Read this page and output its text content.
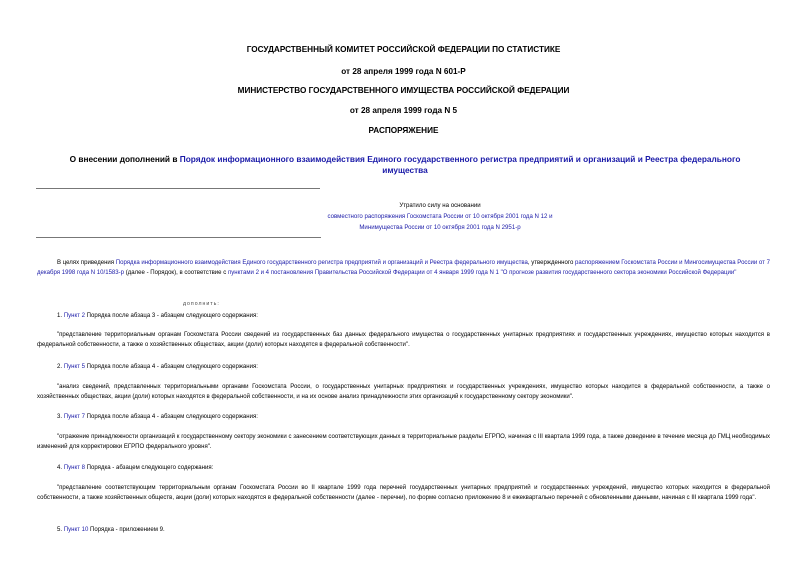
ГОСУДАРСТВЕННЫЙ КОМИТЕТ РОССИЙСКОЙ ФЕДЕРАЦИИ ПО СТАТИСТИКЕ
от 28 апреля 1999 года N 601-Р
МИНИСТЕРСТВО ГОСУДАРСТВЕННОГО ИМУЩЕСТВА РОССИЙСКОЙ ФЕДЕРАЦИИ
от 28 апреля 1999 года N 5
РАСПОРЯЖЕНИЕ
О внесении дополнений в Порядок информационного взаимодействия Единого государственного регистра предприятий и организаций и Реестра федерального
имущества
Утратило силу на основании
совместного распоряжения Госкомстата России от 10 октября 2001 года N 12 и
Минимущества России от 10 октября 2001 года N 2951-р
В целях приведения Порядка информационного взаимодействия Единого государственного регистра предприятий и организаций и Реестра федерального имущества, утвержденного распоряжением Госкомстата России и Мингосимущества России от 7 декабря 1998 года N 10/1583-р (далее - Порядок), в соответствие с пунктами 2 и 4 постановления Правительства Российской Федерации от 4 января 1999 года N 1 "О прогнозе развития государственного сектора экономики Российской Федерации"
дополнить:
1. Пункт 2 Порядка после абзаца 3 - абзацем следующего содержания:
"представление территориальным органам Госкомстата России сведений из государственных баз данных федерального имущества о государственных унитарных предприятиях и государственных учреждениях, имущество которых находится в федеральной собственности, а также о хозяйственных обществах, акции (доли) которых находятся в федеральной собственности".
2. Пункт 5 Порядка после абзаца 4 - абзацем следующего содержания:
"анализ сведений, представленных территориальными органами Госкомстата России, о государственных унитарных предприятиях и государственных учреждениях, имущество которых находится в федеральной собственности, а также о хозяйственных обществах, акции (доли) которых находятся в федеральной собственности, и на их основе анализ принадлежности этих организаций к государственному сектору экономики".
3. Пункт 7 Порядка после абзаца 4 - абзацем следующего содержания:
"отражение принадлежности организаций к государственному сектору экономики с занесением соответствующих данных в территориальные разделы ЕГРПО, начиная с III квартала 1999 года, а также доведение в течение месяца до ГМЦ необходимых изменений для корректировки ЕГРПО федерального уровня".
4. Пункт 8 Порядка - абзацем следующего содержания:
"представление соответствующим территориальным органам Госкомстата России во II квартале 1999 года перечней государственных унитарных предприятий и государственных учреждений, имущество которых находится в федеральной собственности, а также хозяйственных обществ, акции (доли) которых находятся в федеральной собственности (далее - перечни), по форме согласно приложению 8 и ежеквартально перечней с обновленными данными, начиная с III квартала 1999 года".
5. Пункт 10 Порядка - приложением 9.
